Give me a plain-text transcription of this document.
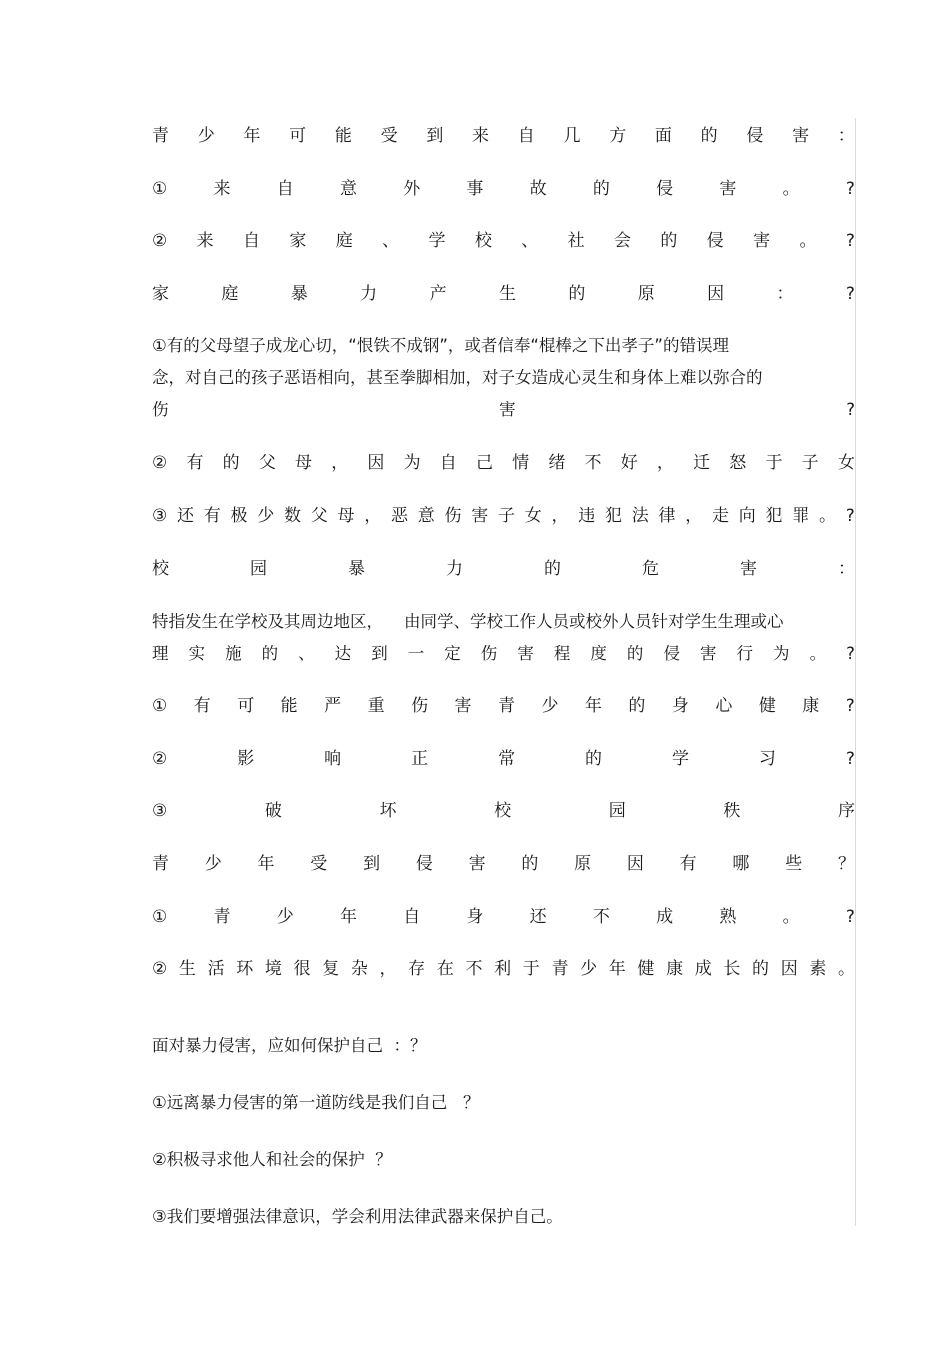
青 少 年 可 能 受 到 来 自 几 方 面 的 侵 害 ：
①	来	自	意	外	事	故	的	侵	害	。	?
② 来 自 家 庭 、 学 校 、 社 会 的 侵 害 。 ?
家	庭	暴	力	产	生	的	原	因	：	?
①有的父母望子成龙心切，“恨铁不成钢”，或者信奉“棍棒之下出孝子”的错误理
念，对自己的孩子恶语相向，甚至拳脚相加，对子女造成心灵生和身体上难以弥合的
伤	害	?
② 有 的 父 母 ， 因 为 自 己 情 绪 不 好 ， 迁 怒 于 子 女
③ 还 有 极 少 数 父 母 ， 恶 意 伤 害 子 女 ， 违 犯 法 律 ， 走 向 犯 罪 。 ?
校	园	暴	力	的	危	害	：
特指发生在学校及其周边地区，    由同学、学校工作人员或校外人员针对学生生理或心
理 实 施 的 、 达 到 一 定 伤 害 程 度 的 侵 害 行 为 。 ?
① 有 可 能 严 重 伤 害 青 少 年 的 身 心 健 康 ?
②	影	响	正	常	的	学	习	?
③	破	坏	校	园	秩	序
青 少 年 受 到 侵 害 的 原 因 有 哪 些 ？
①	青	少	年	自	身	还	不	成	熟	。	?
② 生 活 环 境 很 复 杂 ， 存 在 不 利 于 青 少 年 健 康 成 长 的 因 素 。
面对暴力侵害，应如何保护自己  ：？
①远离暴力侵害的第一道防线是我们自己   ？
②积极寻求他人和社会的保护  ？
③我们要增强法律意识，学会利用法律武器来保护自己。
